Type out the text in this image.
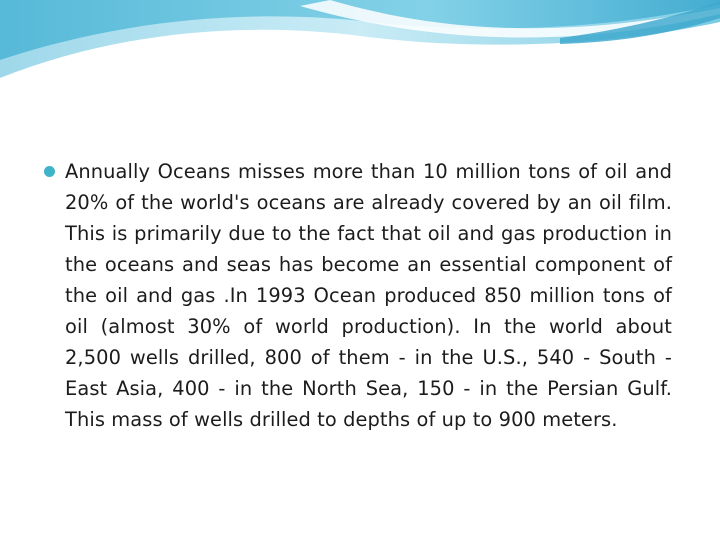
Annually Oceans misses more than 10 million tons of oil and 20% of the world's oceans are already covered by an oil film. This is primarily due to the fact that oil and gas production in the oceans and seas has become an essential component of the oil and gas .In 1993 Ocean produced 850 million tons of oil (almost 30% of world production). In the world about 2,500 wells drilled, 800 of them - in the U.S., 540 - South - East Asia, 400 - in the North Sea, 150 - in the Persian Gulf. This mass of wells drilled to depths of up to 900 meters.
